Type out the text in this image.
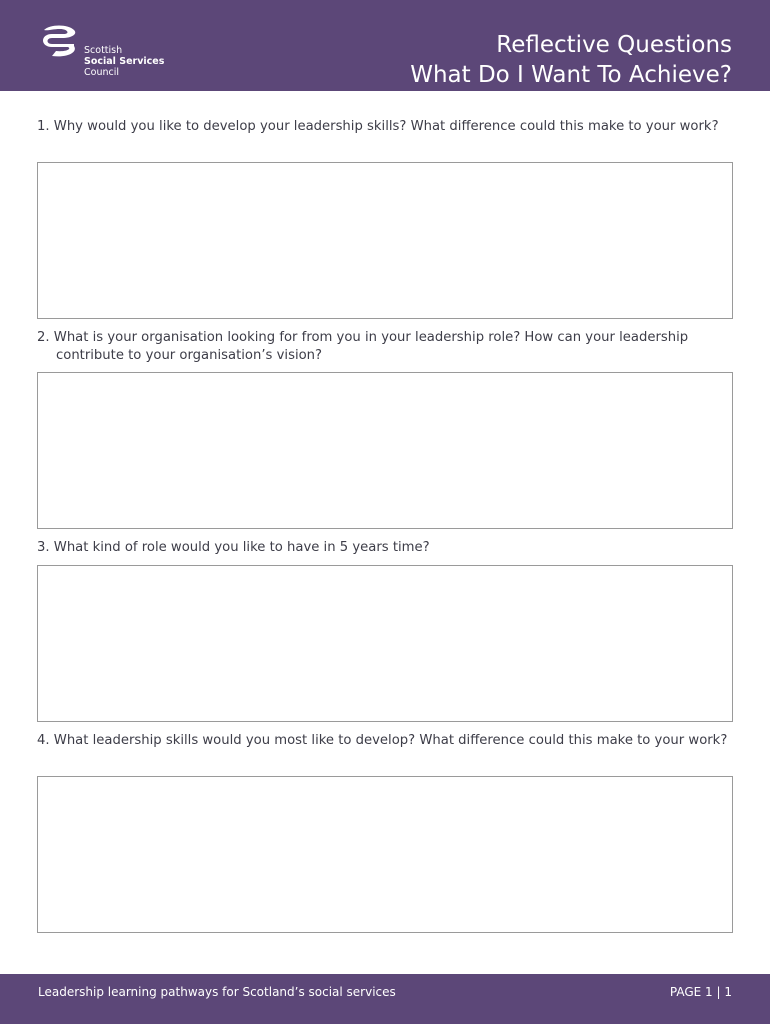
Scottish
Social Services
Council
Reflective Questions
What Do I Want To Achieve?
1. Why would you like to develop your leadership skills? What difference could this make to your work?
2. What is your organisation looking for from you in your leadership role? How can your leadership contribute to your organisation’s vision?
3. What kind of role would you like to have in 5 years time?
4. What leadership skills would you most like to develop? What difference could this make to your work?
Leadership learning pathways for Scotland’s social services	PAGE 1 | 1
